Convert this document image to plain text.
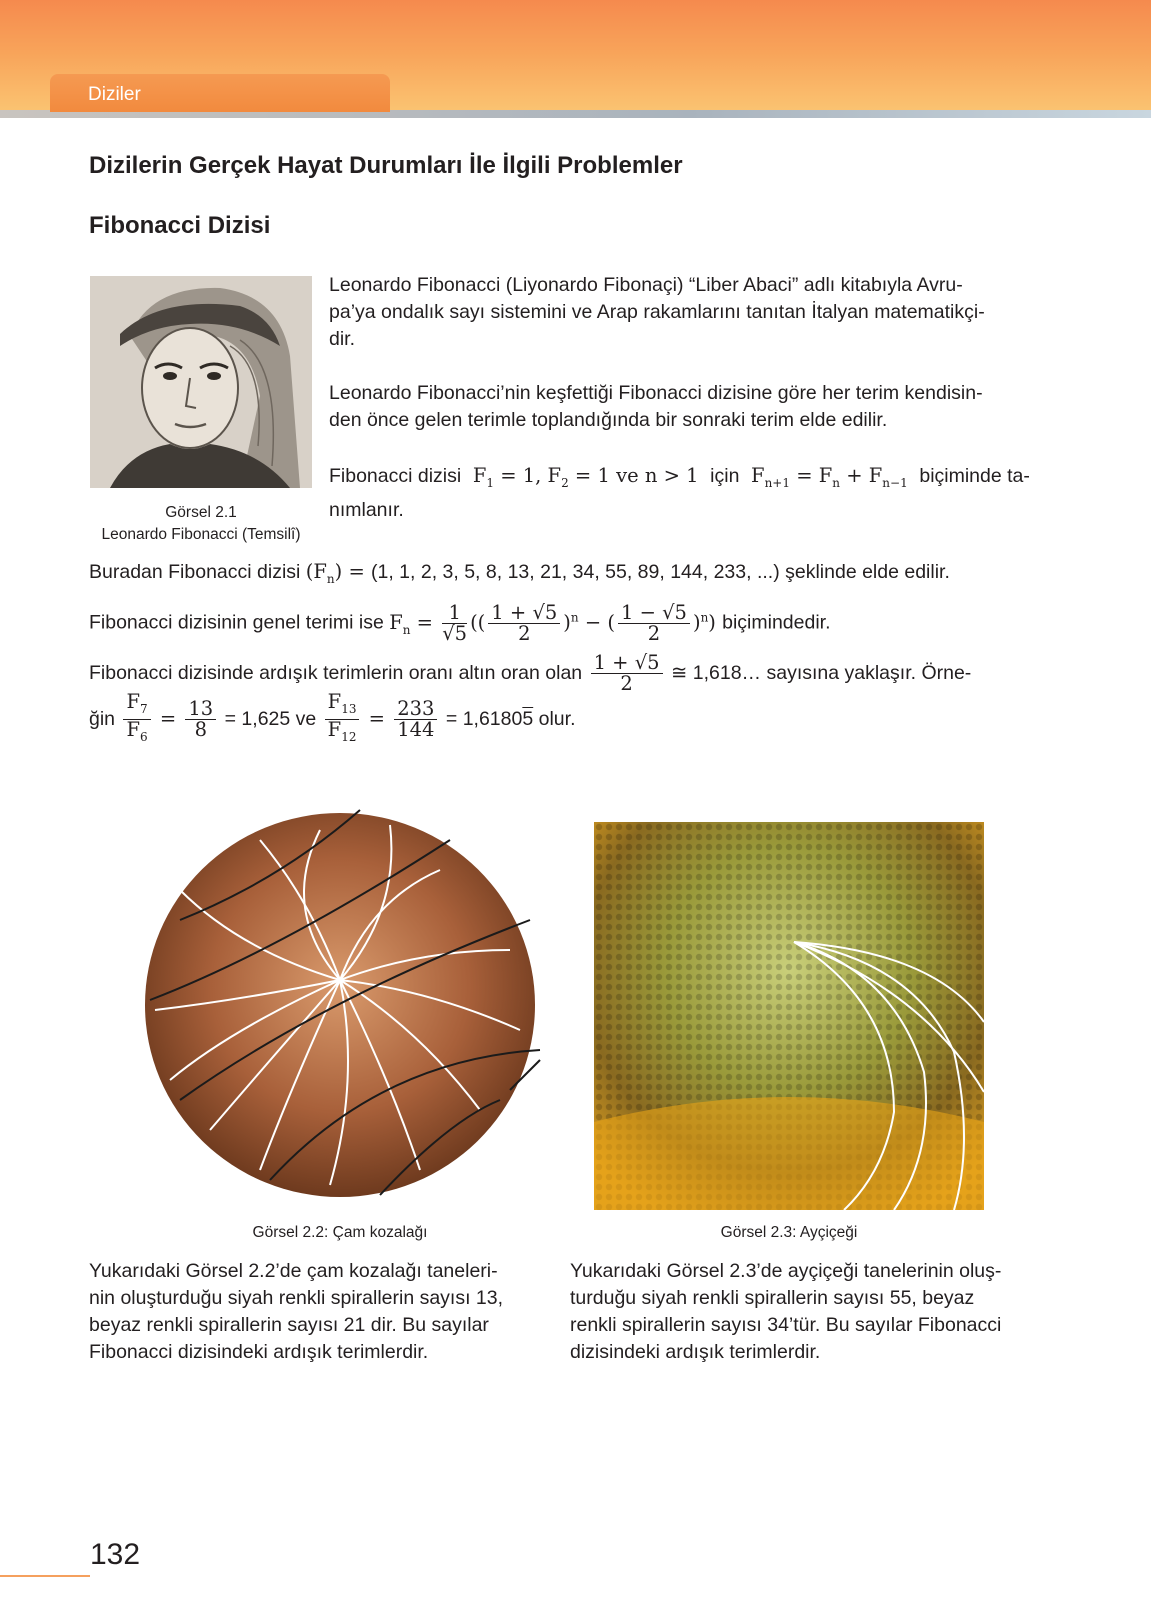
Diziler
Dizilerin Gerçek Hayat Durumları İle İlgili Problemler
Fibonacci Dizisi
Görsel 2.1
Leonardo Fibonacci (Temsilî)
Leonardo Fibonacci (Liyonardo Fibonaçi) “Liber Abaci” adlı kitabıyla Avru-
pa’ya ondalık sayı sistemini ve Arap rakamlarını tanıtan İtalyan matematikçi-
dir.
Leonardo Fibonacci’nin keşfettiği Fibonacci dizisine göre her terim kendisin-
den önce gelen terimle toplandığında bir sonraki terim elde edilir.
Fibonacci dizisi  $F_1 = 1$, $F_2 = 1$ ve n > 1  için  $F_{n+1} = F_n + F_{n-1}$ biçiminde ta-
nımlanır.
Buradan Fibonacci dizisi $(F_n) = (1$, 1, 2, 3, 5, 8, 13, 21, 34, 55, 89, 144, 233, ...) şeklinde elde edilir.
Fibonacci dizisinin genel terimi ise $F_n = \frac{1}{√5}$ (( $\frac{1 + √5}{2} )^n$ − ( $\frac{1 - √5}{2} )^n$) biçimindedir.
Fibonacci dizisinde ardışık terimlerin oranı altın oran olan $\frac{1 + √5}{2}$ ≅ 1,618… sayısına yaklaşır. Örne-
ğin $\frac{F_7}{F_6} = \frac{13}{8} = 1,625$ ve $\frac{F_{13}}{F_{12}} = \frac{233}{144} = 1,61805$ olur.
Görsel 2.2: Çam kozalağı	Görsel 2.3: Ayçiçeği
Yukarıdaki Görsel 2.2’de çam kozalağı taneleri-
nin oluşturduğu siyah renkli spirallerin sayısı 13,
beyaz renkli spirallerin sayısı 21 dir. Bu sayılar
Fibonacci dizisindeki ardışık terimlerdir.
Yukarıdaki Görsel 2.3’de ayçiçeği tanelerinin oluş-
turduğu siyah renkli spirallerin sayısı 55, beyaz
renkli spirallerin sayısı 34’tür. Bu sayılar Fibonacci
dizisindeki ardışık terimlerdir.
132
